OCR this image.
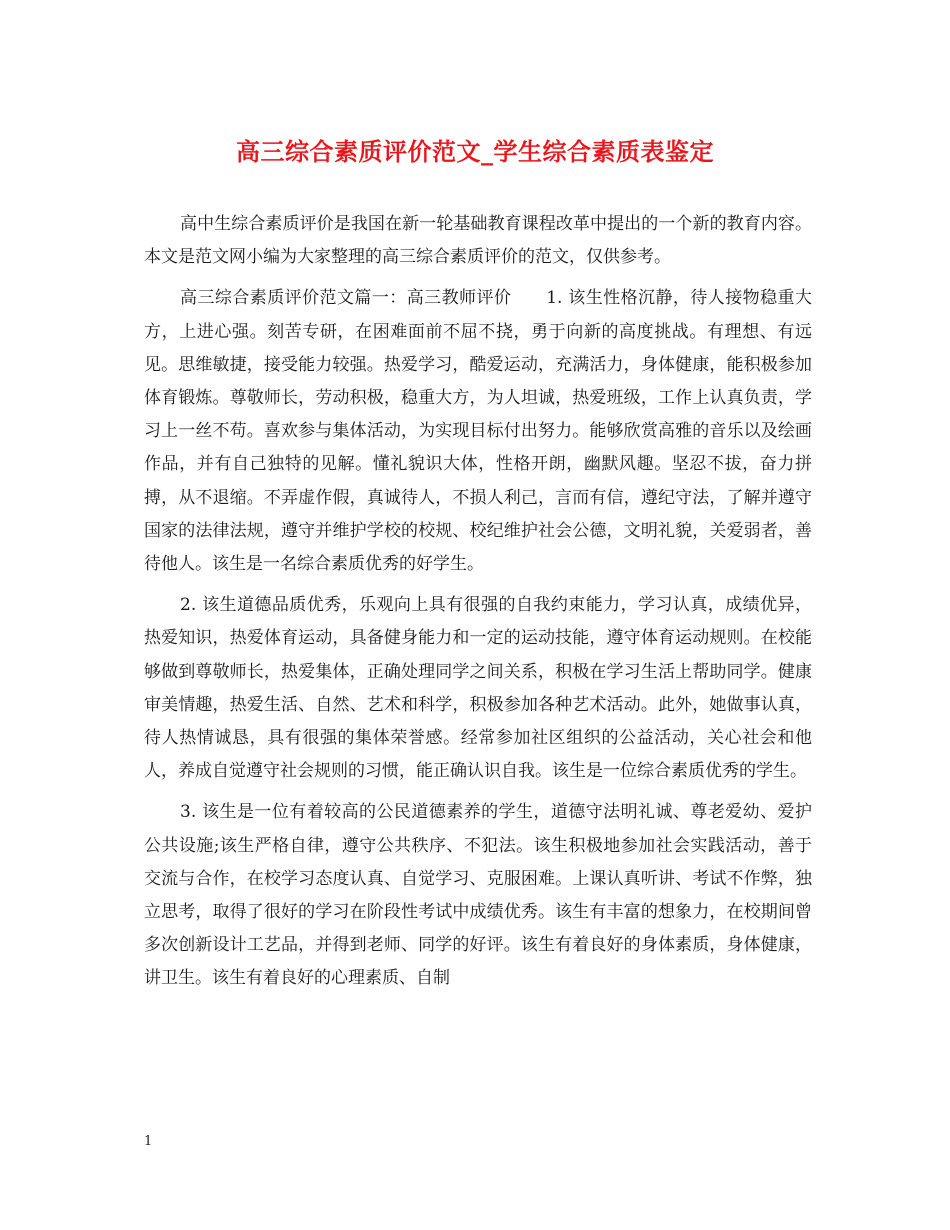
高三综合素质评价范文_学生综合素质表鉴定

高中生综合素质评价是我国在新一轮基础教育课程改革中提出的一个新的教育内容。本文是范文网小编为大家整理的高三综合素质评价的范文，仅供参考。

高三综合素质评价范文篇一：高三教师评价　　1. 该生性格沉静，待人接物稳重大方，上进心强。刻苦专研，在困难面前不屈不挠，勇于向新的高度挑战。有理想、有远见。思维敏捷，接受能力较强。热爱学习，酷爱运动，充满活力，身体健康，能积极参加体育锻炼。尊敬师长，劳动积极，稳重大方，为人坦诚，热爱班级，工作上认真负责，学习上一丝不苟。喜欢参与集体活动，为实现目标付出努力。能够欣赏高雅的音乐以及绘画作品，并有自己独特的见解。懂礼貌识大体，性格开朗，幽默风趣。坚忍不拔，奋力拼搏，从不退缩。不弄虚作假，真诚待人，不损人利己，言而有信，遵纪守法，了解并遵守国家的法律法规，遵守并维护学校的校规、校纪维护社会公德，文明礼貌，关爱弱者，善待他人。该生是一名综合素质优秀的好学生。

2. 该生道德品质优秀，乐观向上具有很强的自我约束能力，学习认真，成绩优异，热爱知识，热爱体育运动，具备健身能力和一定的运动技能，遵守体育运动规则。在校能够做到尊敬师长，热爱集体，正确处理同学之间关系，积极在学习生活上帮助同学。健康审美情趣，热爱生活、自然、艺术和科学，积极参加各种艺术活动。此外，她做事认真，待人热情诚恳，具有很强的集体荣誉感。经常参加社区组织的公益活动，关心社会和他人，养成自觉遵守社会规则的习惯，能正确认识自我。该生是一位综合素质优秀的学生。

3. 该生是一位有着较高的公民道德素养的学生，道德守法明礼诚、尊老爱幼、爱护公共设施;该生严格自律，遵守公共秩序、不犯法。该生积极地参加社会实践活动，善于交流与合作，在校学习态度认真、自觉学习、克服困难。上课认真听讲、考试不作弊，独立思考，取得了很好的学习在阶段性考试中成绩优秀。该生有丰富的想象力，在校期间曾多次创新设计工艺品，并得到老师、同学的好评。该生有着良好的身体素质，身体健康，讲卫生。该生有着良好的心理素质、自制

1
